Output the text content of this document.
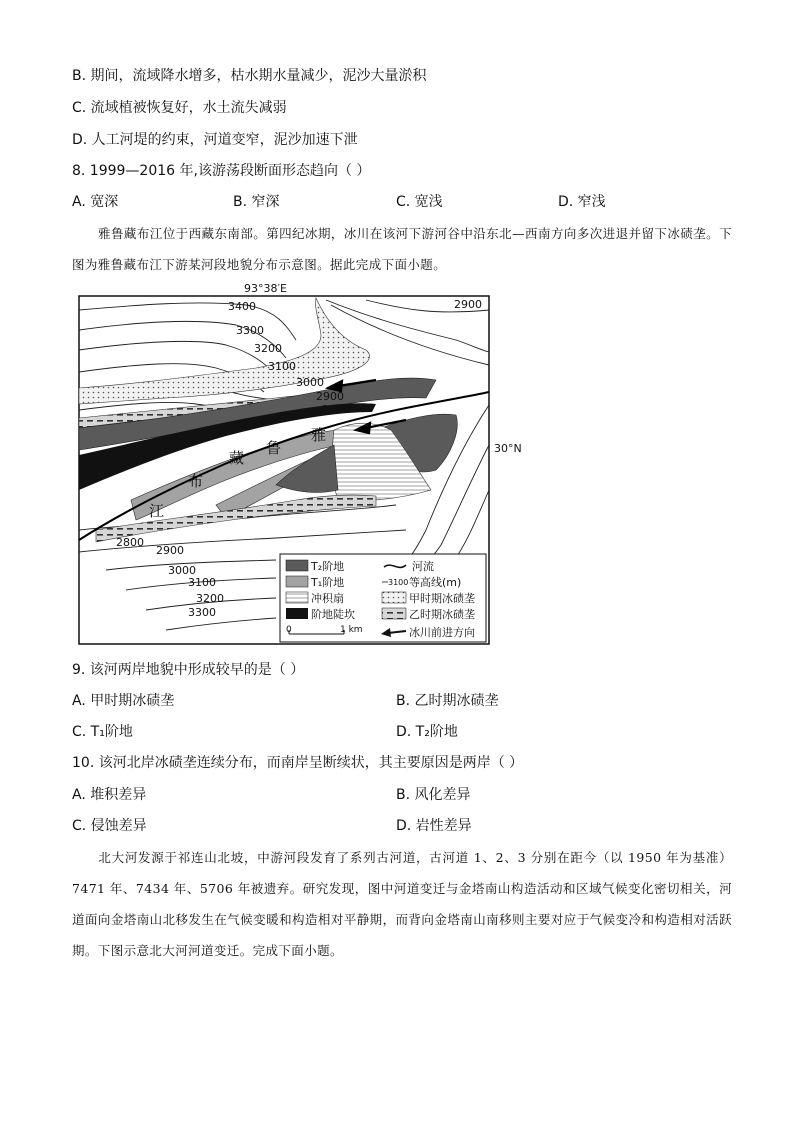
B. 期间，流域降水增多，枯水期水量减少，泥沙大量淤积
C. 流域植被恢复好，水土流失减弱
D. 人工河堤的约束，河道变窄，泥沙加速下泄
8. 1999—2016 年,该游荡段断面形态趋向（ ）
A. 宽深	B. 窄深	C. 宽浅	D. 窄浅
雅鲁藏布江位于西藏东南部。第四纪冰期，冰川在该河下游河谷中沿东北—西南方向多次进退并留下冰碛垄。下图为雅鲁藏布江下游某河段地貌分布示意图。据此完成下面小题。
93°38′E
30°N
3400
3300
3200
3100
3000
2900
2800
2900
2800
2900
3000
3100
3200
3300
雅
鲁
藏
布
江
T₂阶地
T₁阶地
冲积扇
阶地陡坎
0	1 km
河流
3100 等高线(m)
甲时期冰碛垄
乙时期冰碛垄
冰川前进方向
9. 该河两岸地貌中形成较早的是（ ）
A. 甲时期冰碛垄	B. 乙时期冰碛垄
C. T₁阶地	D. T₂阶地
10. 该河北岸冰碛垄连续分布，而南岸呈断续状，其主要原因是两岸（ ）
A. 堆积差异	B. 风化差异
C. 侵蚀差异	D. 岩性差异
北大河发源于祁连山北坡，中游河段发育了系列古河道，古河道 1、2、3 分别在距今（以 1950 年为基准）7471 年、7434 年、5706 年被遗弃。研究发现，图中河道变迁与金塔南山构造活动和区域气候变化密切相关，河道面向金塔南山北移发生在气候变暖和构造相对平静期，而背向金塔南山南移则主要对应于气候变冷和构造相对活跃期。下图示意北大河河道变迁。完成下面小题。
